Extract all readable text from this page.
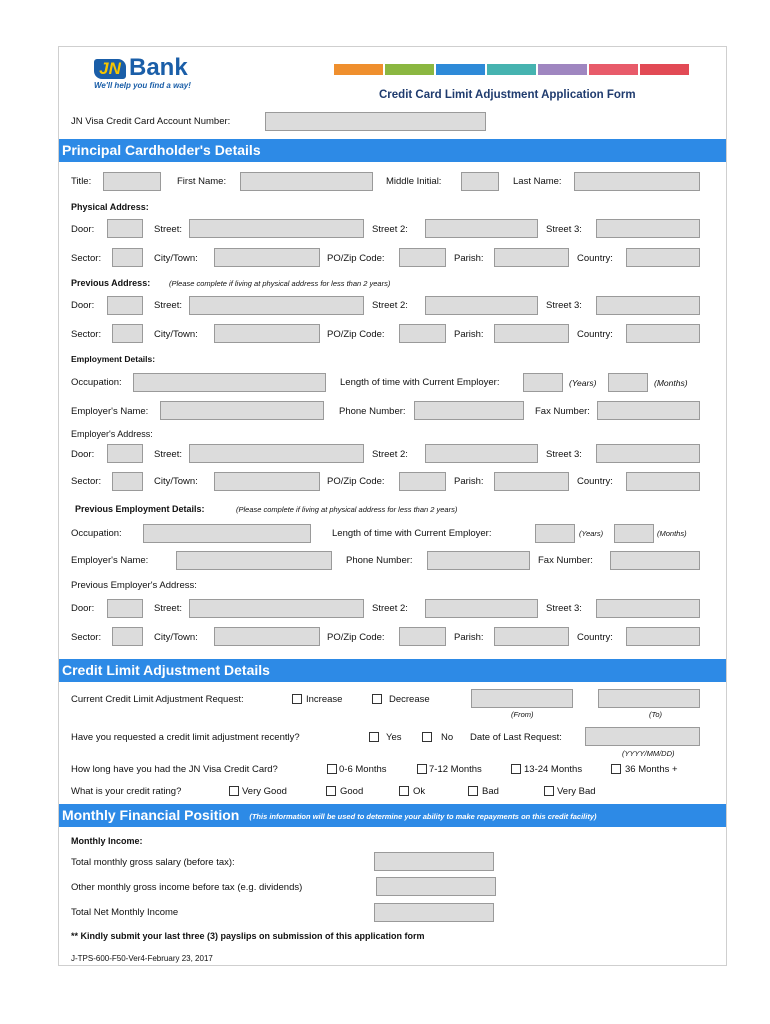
JN Bank
We'll help you find a way!
Credit Card Limit Adjustment Application Form
JN Visa Credit Card Account Number:
Principal Cardholder's Details
Title:	First Name:	Middle Initial:	Last Name:
Physical Address:
Door:	Street:	Street 2:	Street 3:
Sector:	City/Town:	PO/Zip Code:	Parish:	Country:
Previous Address:	(Please complete if living at physical address for less than 2 years)
Door:	Street:	Street 2:	Street 3:
Sector:	City/Town:	PO/Zip Code:	Parish:	Country:
Employment Details:
Occupation:	Length of time with Current Employer:	(Years)	(Months)
Employer's Name:	Phone Number:	Fax Number:
Employer's Address:
Door:	Street:	Street 2:	Street 3:
Sector:	City/Town:	PO/Zip Code:	Parish:	Country:
Previous Employment Details:	(Please complete if living at physical address for less than 2 years)
Occupation:	Length of time with Current Employer:	(Years)	(Months)
Employer's Name:	Phone Number:	Fax Number:
Previous Employer's Address:
Door:	Street:	Street 2:	Street 3:
Sector:	City/Town:	PO/Zip Code:	Parish:	Country:
Credit Limit Adjustment Details
Current Credit Limit Adjustment Request:	Increase	Decrease
(From)	(To)
Have you requested a credit limit adjustment recently?	Yes	No Date of Last Request:
(YYYY/MM/DD)
How long have you had the JN Visa Credit Card?	0-6 Months	7-12 Months	13-24 Months	36 Months +
What is your credit rating?	Very Good	Good	Ok	Bad	Very Bad
Monthly Financial Position (This information will be used to determine your ability to make repayments on this credit facility)
Monthly Income:
Total monthly gross salary (before tax):
Other monthly gross income before tax (e.g. dividends)
Total Net Monthly Income
** Kindly submit your last three (3) payslips on submission of this application form
J-TPS-600-F50-Ver4-February 23, 2017
